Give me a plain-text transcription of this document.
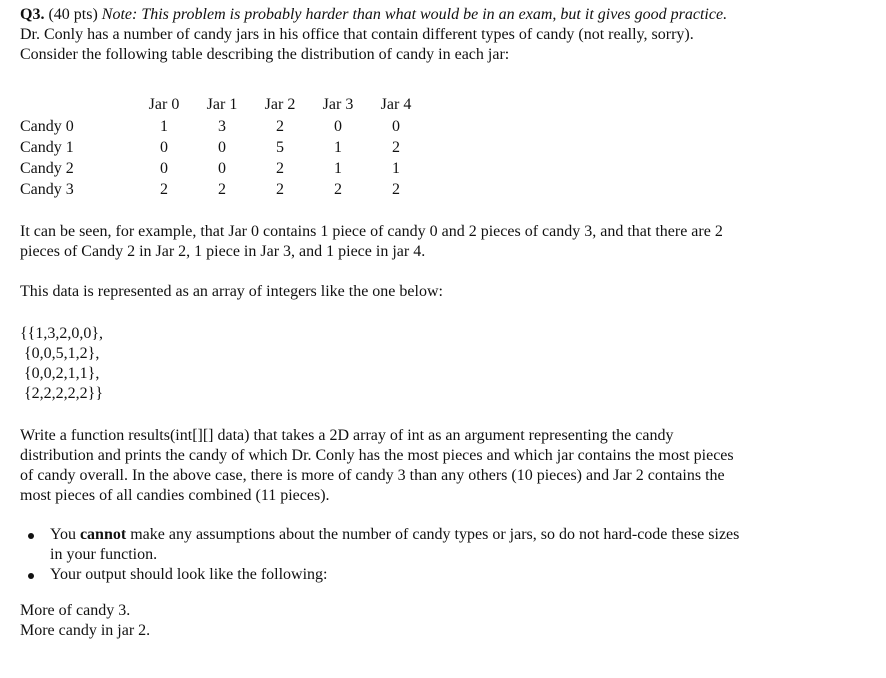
Q3. (40 pts) Note: This problem is probably harder than what would be in an exam, but it gives good practice.
Dr. Conly has a number of candy jars in his office that contain different types of candy (not really, sorry).
Consider the following table describing the distribution of candy in each jar:
	Jar 0	Jar 1	Jar 2	Jar 3	Jar 4
Candy 0	1	3	2	0	0
Candy 1	0	0	5	1	2
Candy 2	0	0	2	1	1
Candy 3	2	2	2	2	2
It can be seen, for example, that Jar 0 contains 1 piece of candy 0 and 2 pieces of candy 3, and that there are 2
pieces of Candy 2 in Jar 2, 1 piece in Jar 3, and 1 piece in jar 4.
This data is represented as an array of integers like the one below:
{{1,3,2,0,0},
{0,0,5,1,2},
{0,0,2,1,1},
{2,2,2,2,2}}
Write a function results(int[][] data) that takes a 2D array of int as an argument representing the candy
distribution and prints the candy of which Dr. Conly has the most pieces and which jar contains the most pieces
of candy overall. In the above case, there is more of candy 3 than any others (10 pieces) and Jar 2 contains the
most pieces of all candies combined (11 pieces).
You cannot make any assumptions about the number of candy types or jars, so do not hard-code these sizes
in your function.
Your output should look like the following:
More of candy 3.
More candy in jar 2.
